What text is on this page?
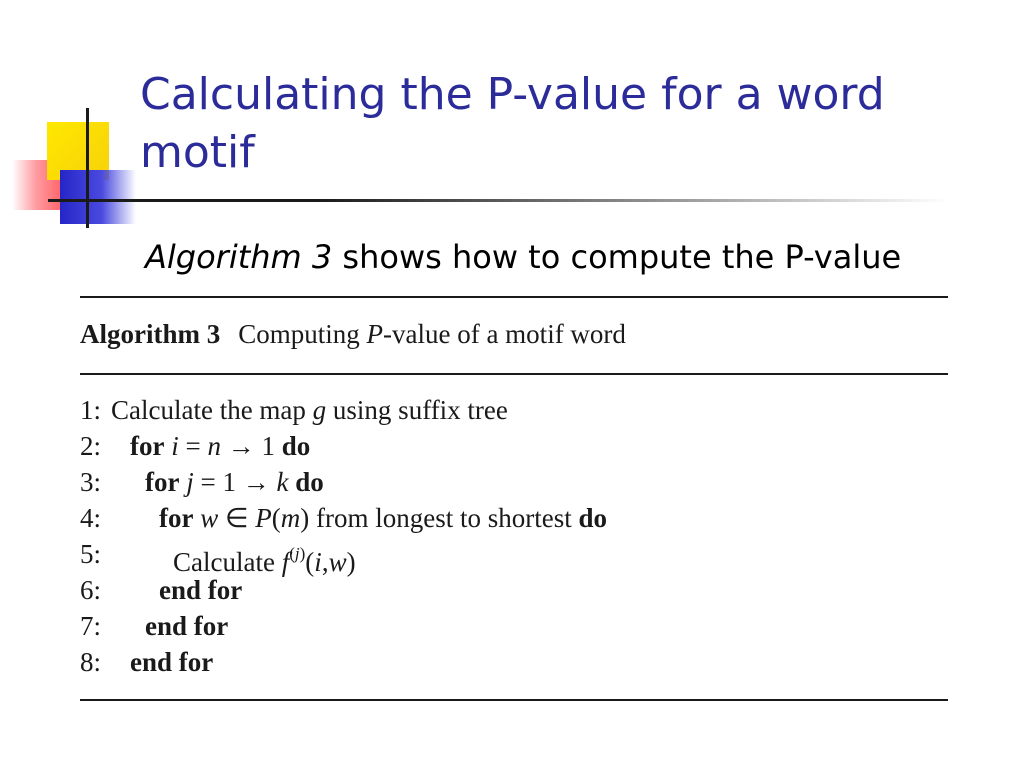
Calculating the P-value for a word motif
Algorithm 3 shows how to compute the P-value
Algorithm 3 Computing P-value of a motif word
1: Calculate the map g using suffix tree
2: for i = n → 1 do
3: for j = 1 → k do
4: for w ∈ P(m) from longest to shortest do
5:	Calculate $f^{(j)}(i,w)$
6: end for
7: end for
8: end for
